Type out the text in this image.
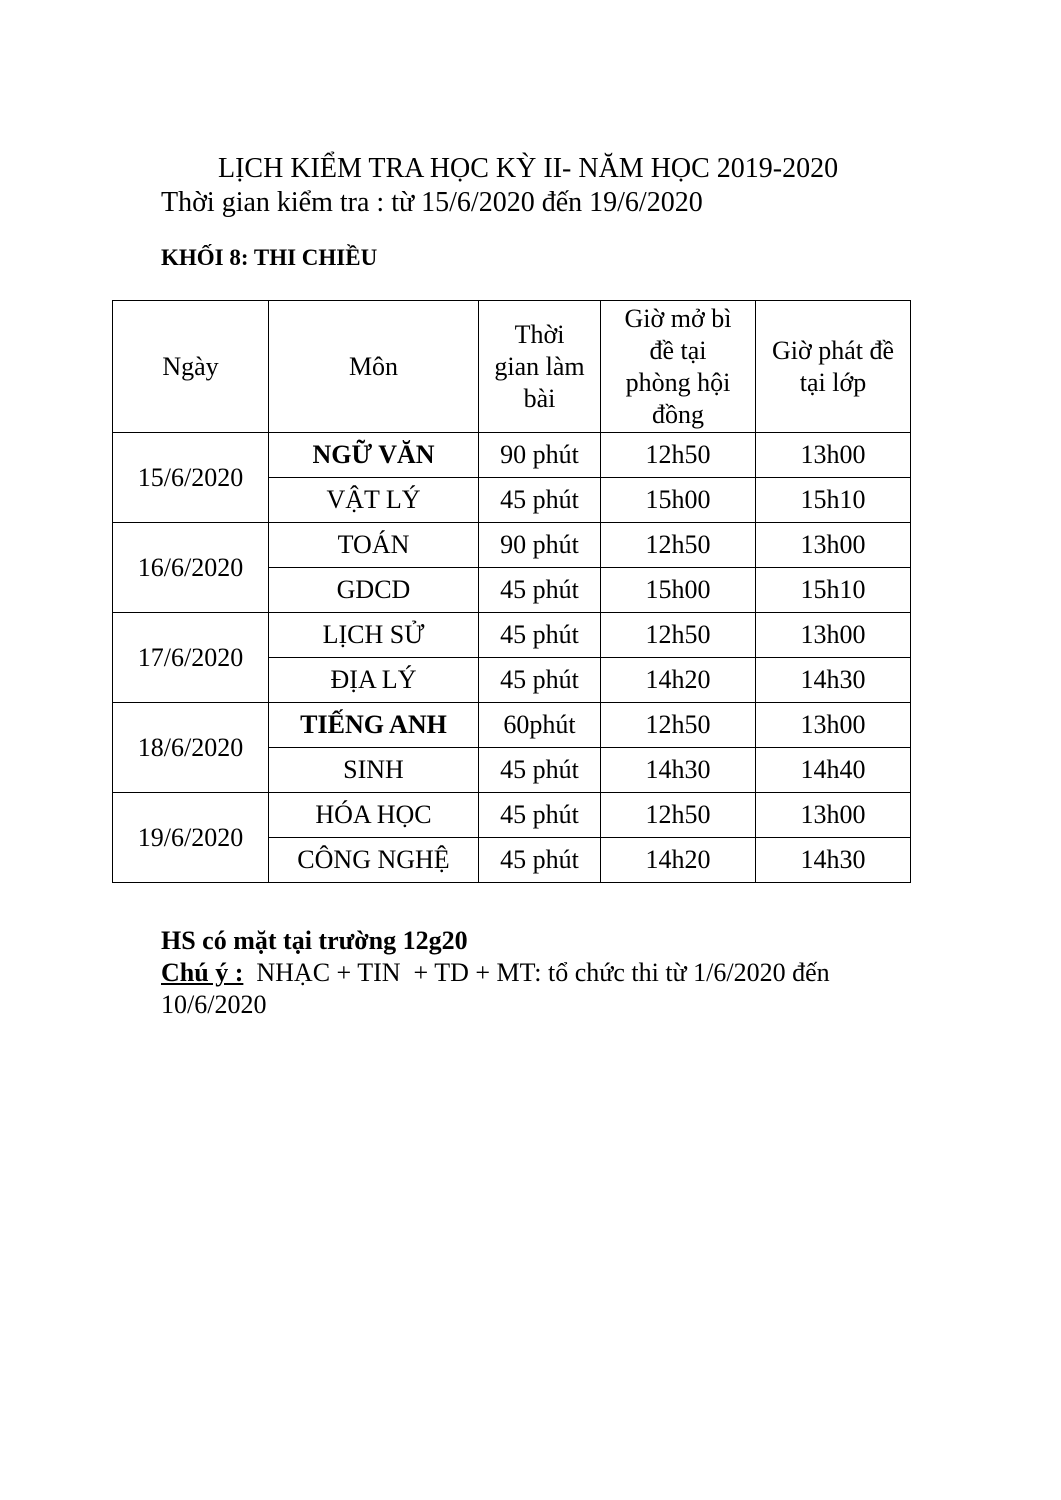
LỊCH KIỂM TRA HỌC KỲ II- NĂM HỌC 2019-2020
Thời gian kiểm tra : từ 15/6/2020 đến 19/6/2020
KHỐI 8: THI CHIỀU
Ngày	Môn	Thời gian làm bài	Giờ mở bì đề tại phòng hội đồng	Giờ phát đề tại lớp
15/6/2020	NGỮ VĂN	90 phút	12h50	13h00
	VẬT LÝ	45 phút	15h00	15h10
16/6/2020	TOÁN	90 phút	12h50	13h00
	GDCD	45 phút	15h00	15h10
17/6/2020	LỊCH SỬ	45 phút	12h50	13h00
	ĐỊA LÝ	45 phút	14h20	14h30
18/6/2020	TIẾNG ANH	60phút	12h50	13h00
	SINH	45 phút	14h30	14h40
19/6/2020	HÓA HỌC	45 phút	12h50	13h00
	CÔNG NGHỆ	45 phút	14h20	14h30
HS có mặt tại trường 12g20
Chú ý :  NHẠC + TIN  + TD + MT: tổ chức thi từ 1/6/2020 đến 10/6/2020
